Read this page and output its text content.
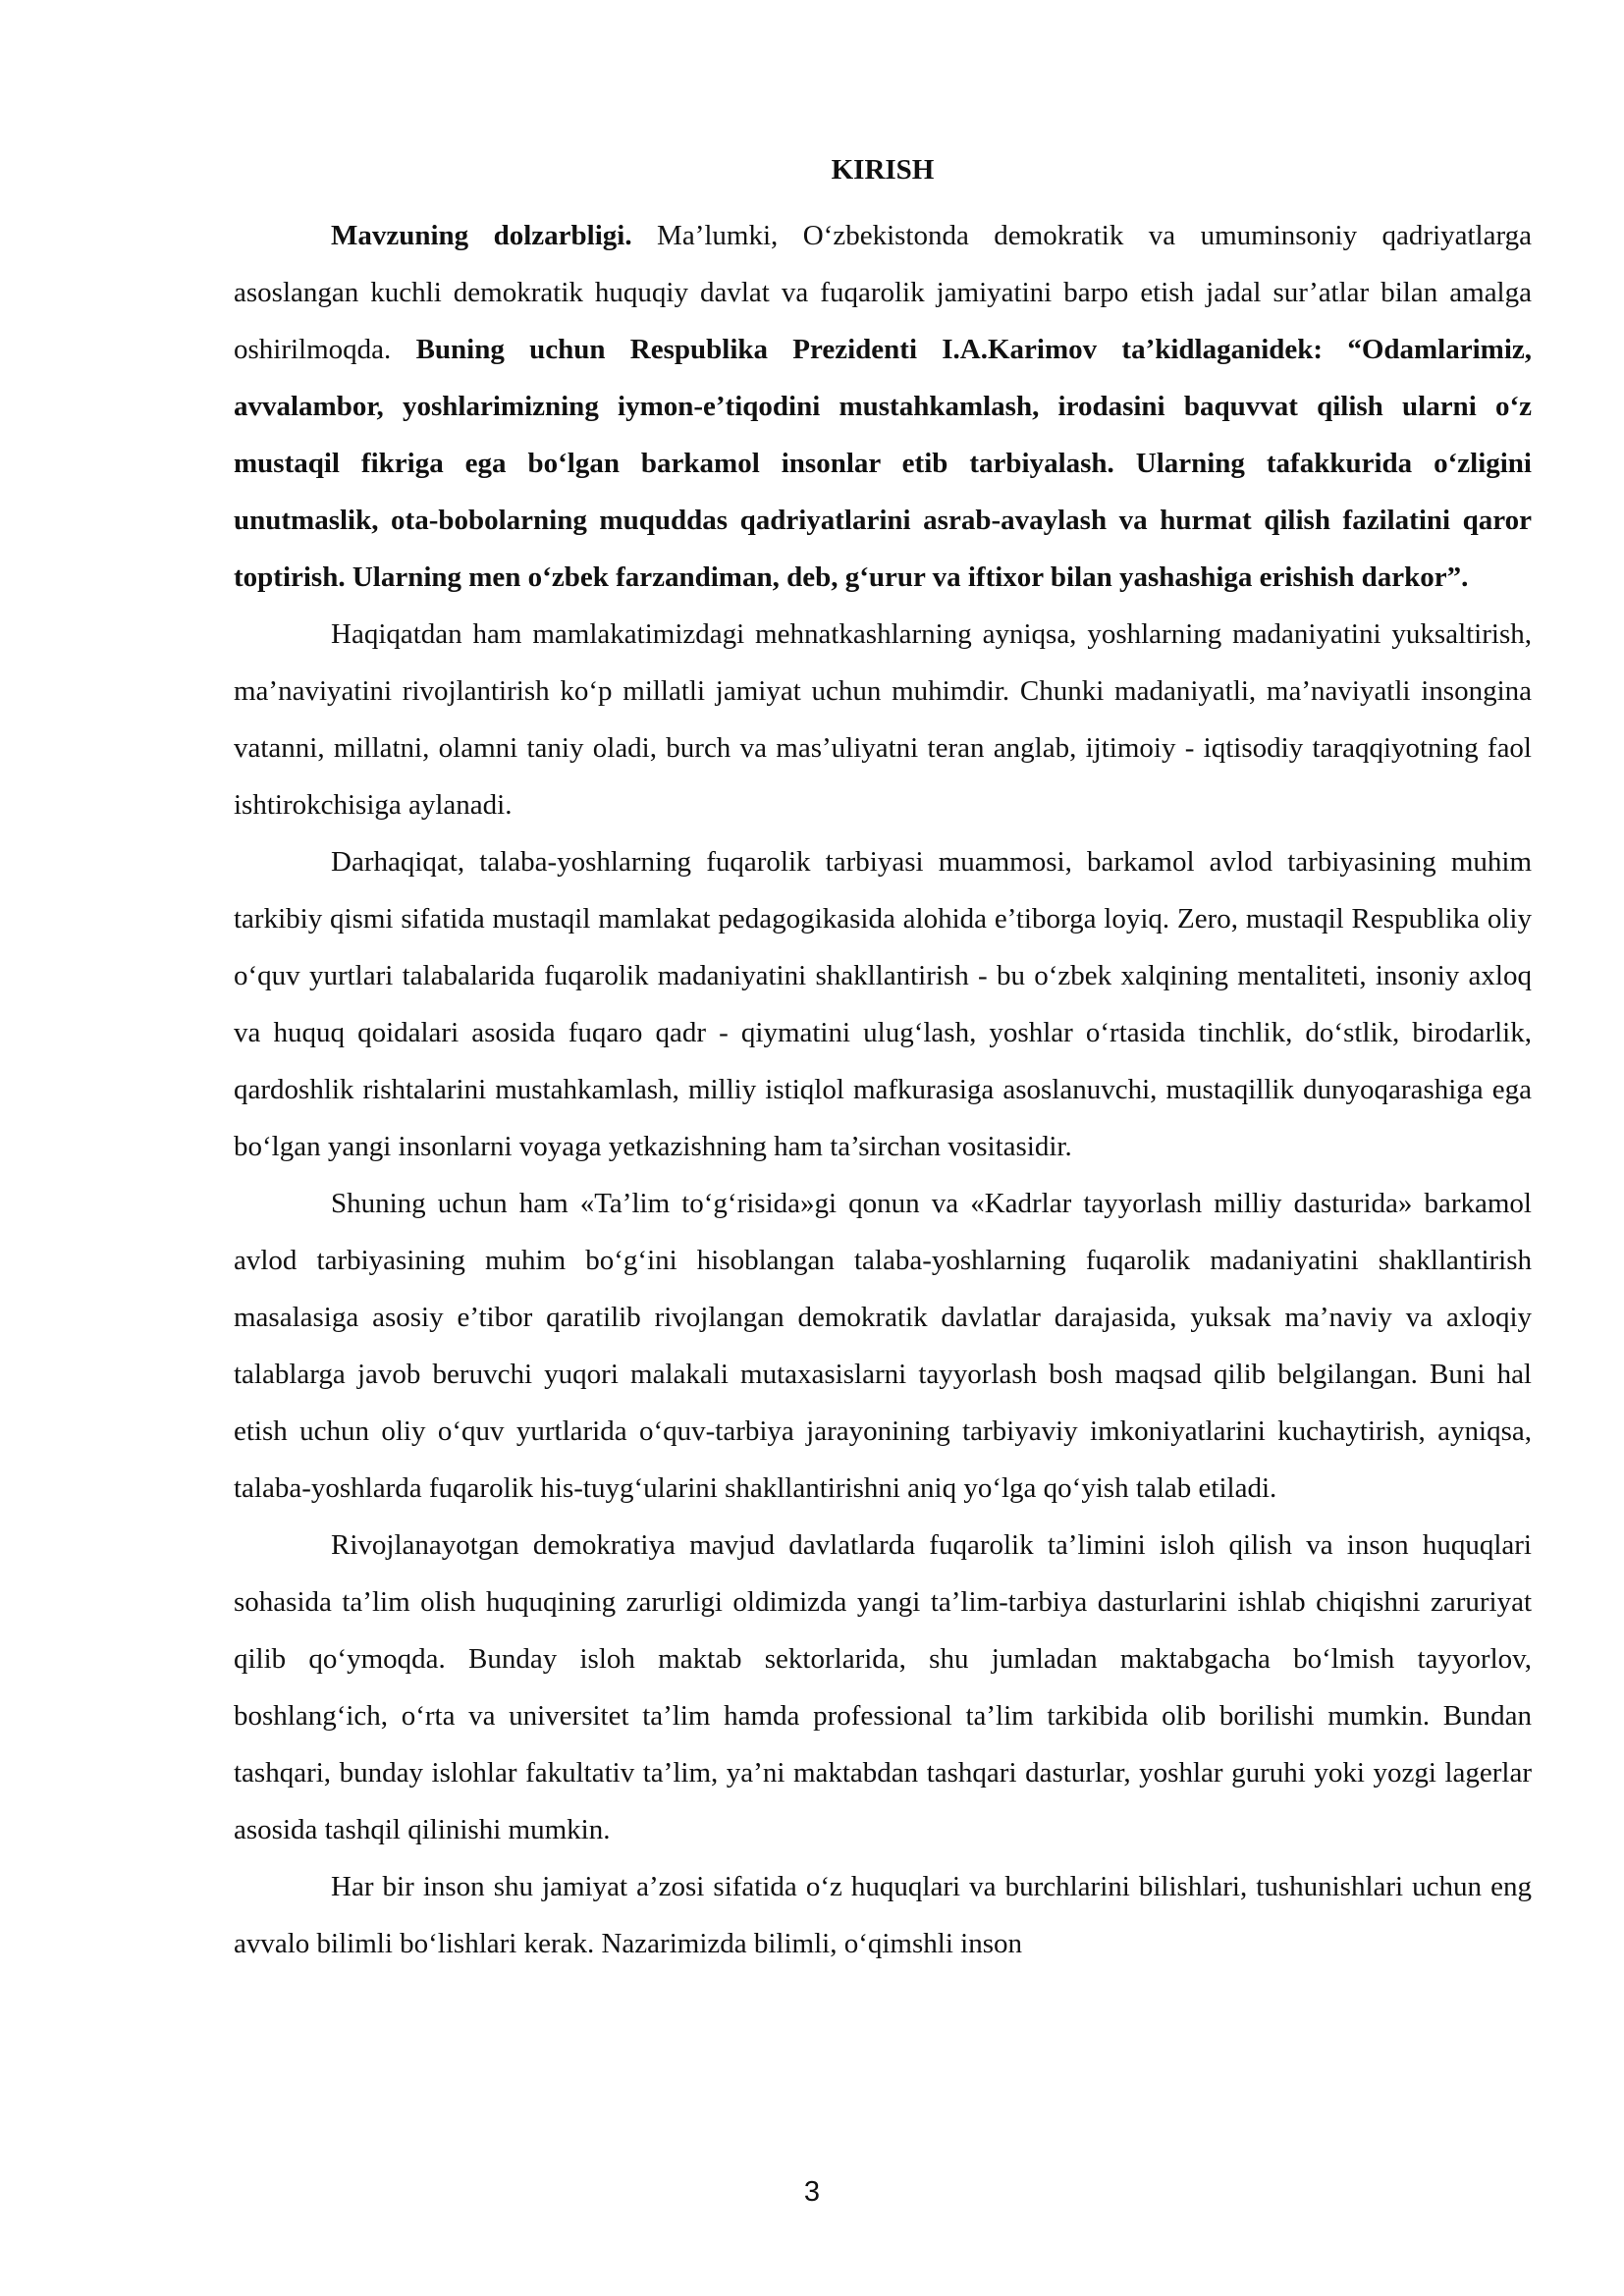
KIRISH

Mavzuning dolzarbligi. Ma’lumki, O‘zbekistonda demokratik va umuminsoniy qadriyatlarga asoslangan kuchli demokratik huquqiy davlat va fuqarolik jamiyatini barpo etish jadal sur’atlar bilan amalga oshirilmoqda. Buning uchun Respublika Prezidenti I.A.Karimov ta’kidlaganidek: “Odamlarimiz, avvalambor, yoshlarimizning iymon-e’tiqodini mustahkamlash, irodasini baquvvat qilish ularni o‘z mustaqil fikriga ega bo‘lgan barkamol insonlar etib tarbiyalash. Ularning tafakkurida o‘zligini unutmaslik, ota-bobolarning muquddas qadriyatlarini asrab-avaylash va hurmat qilish fazilatini qaror toptirish. Ularning men o‘zbek farzandiman, deb, g‘urur va iftixor bilan yashashiga erishish darkor”.

Haqiqatdan ham mamlakatimizdagi mehnatkashlarning ayniqsa, yoshlarning madaniyatini yuksaltirish, ma’naviyatini rivojlantirish ko‘p millatli jamiyat uchun muhimdir. Chunki madaniyatli, ma’naviyatli insongina vatanni, millatni, olamni taniy oladi, burch va mas’uliyatni teran anglab, ijtimoiy - iqtisodiy taraqqiyotning faol ishtirokchisiga aylanadi.

Darhaqiqat, talaba-yoshlarning fuqarolik tarbiyasi muammosi, barkamol avlod tarbiyasining muhim tarkibiy qismi sifatida mustaqil mamlakat pedagogikasida alohida e’tiborga loyiq. Zero, mustaqil Respublika oliy o‘quv yurtlari talabalarida fuqarolik madaniyatini shakllantirish - bu o‘zbek xalqining mentaliteti, insoniy axloq va huquq qoidalari asosida fuqaro qadr - qiymatini ulug‘lash, yoshlar o‘rtasida tinchlik, do‘stlik, birodarlik, qardoshlik rishtalarini mustahkamlash, milliy istiqlol mafkurasiga asoslanuvchi, mustaqillik dunyoqarashiga ega bo‘lgan yangi insonlarni voyaga yetkazishning ham ta’sirchan vositasidir.

Shuning uchun ham «Ta’lim to‘g‘risida»gi qonun va «Kadrlar tayyorlash milliy dasturida» barkamol avlod tarbiyasining muhim bo‘g‘ini hisoblangan talaba-yoshlarning fuqarolik madaniyatini shakllantirish masalasiga asosiy e’tibor qaratilib rivojlangan demokratik davlatlar darajasida, yuksak ma’naviy va axloqiy talablarga javob beruvchi yuqori malakali mutaxasislarni tayyorlash bosh maqsad qilib belgilangan. Buni hal etish uchun oliy o‘quv yurtlarida o‘quv-tarbiya jarayonining tarbiyaviy imkoniyatlarini kuchaytirish, ayniqsa, talaba-yoshlarda fuqarolik his-tuyg‘ularini shakllantirishni aniq yo‘lga qo‘yish talab etiladi.

Rivojlanayotgan demokratiya mavjud davlatlarda fuqarolik ta’limini isloh qilish va inson huquqlari sohasida ta’lim olish huquqining zarurligi oldimizda yangi ta’lim-tarbiya dasturlarini ishlab chiqishni zaruriyat qilib qo‘ymoqda. Bunday isloh maktab sektorlarida, shu jumladan maktabgacha bo‘lmish tayyorlov, boshlang‘ich, o‘rta va universitet ta’lim hamda professional ta’lim tarkibida olib borilishi mumkin. Bundan tashqari, bunday islohlar fakultativ ta’lim, ya’ni maktabdan tashqari dasturlar, yoshlar guruhi yoki yozgi lagerlar asosida tashqil qilinishi mumkin.

Har bir inson shu jamiyat a’zosi sifatida o‘z huquqlari va burchlarini bilishlari, tushunishlari uchun eng avvalo bilimli bo‘lishlari kerak. Nazarimizda bilimli, o‘qimshli inson

3
